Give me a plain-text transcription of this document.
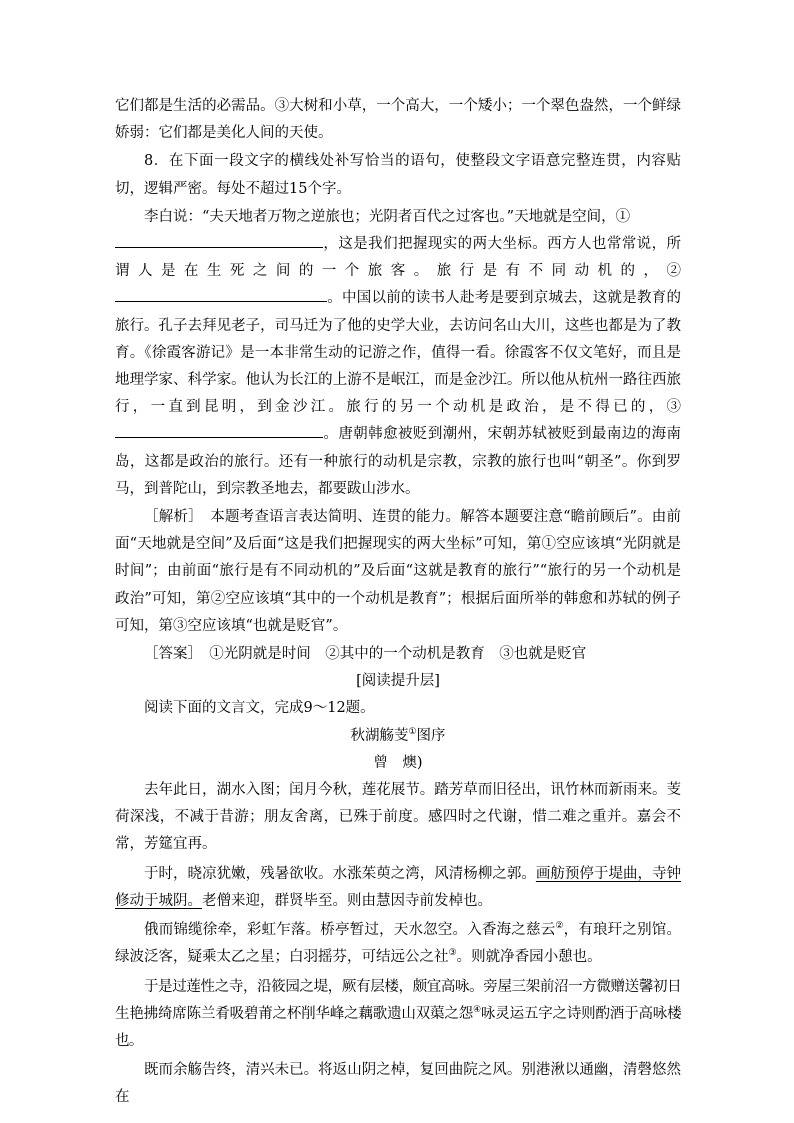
它们都是生活的必需品。③大树和小草，一个高大，一个矮小；一个翠色盎然，一个鲜绿娇弱：它们都是美化人间的天使。

8．在下面一段文字的横线处补写恰当的语句，使整段文字语意完整连贯，内容贴切，逻辑严密。每处不超过15个字。

李白说：“夫天地者万物之逆旅也；光阴者百代之过客也。”天地就是空间，①
，这是我们把握现实的两大坐标。西方人也常常说，所谓人是在生死之间的一个旅客。旅行是有不同动机的，②。中国以前的读书人赴考是要到京城去，这就是教育的旅行。孔子去拜见老子，司马迁为了他的史学大业，去访问名山大川，这些也都是为了教育。《徐霞客游记》是一本非常生动的记游之作，值得一看。徐霞客不仅文笔好，而且是地理学家、科学家。他认为长江的上游不是岷江，而是金沙江。所以他从杭州一路往西旅行，一直到昆明，到金沙江。旅行的另一个动机是政治，是不得已的，③。唐朝韩愈被贬到潮州，宋朝苏轼被贬到最南边的海南岛，这都是政治的旅行。还有一种旅行的动机是宗教，宗教的旅行也叫“朝圣”。你到罗马，到普陀山，到宗教圣地去，都要跋山涉水。

［解析］　本题考查语言表达简明、连贯的能力。解答本题要注意“瞻前顾后”。由前面“天地就是空间”及后面“这是我们把握现实的两大坐标”可知，第①空应该填“光阴就是时间”；由前面“旅行是有不同动机的”及后面“这就是教育的旅行”“旅行的另一个动机是政治”可知，第②空应该填“其中的一个动机是教育”；根据后面所举的韩愈和苏轼的例子可知，第③空应该填“也就是贬官”。

［答案］　①光阴就是时间　②其中的一个动机是教育　③也就是贬官

[阅读提升层]

阅读下面的文言文，完成9～12题。

秋湖觞芰①图序

曾　燠)

去年此日，湖水入图；闰月今秋，莲花展节。踏芳草而旧径出，讯竹林而新雨来。芰荷深浅，不减于昔游；朋友舍离，已殊于前度。感四时之代谢，惜二难之重并。嘉会不常，芳筵宜再。

于时，晓凉犹嫩，残暑欲收。水涨茱萸之湾，风清杨柳之郭。画舫预停于堤曲，寺钟修动于城阴。老僧来迎，群贤毕至。则由慧因寺前发棹也。

俄而锦缆徐牵，彩虹乍落。桥亭暂过，天水忽空。入香海之慈云②，有琅玕之别馆。绿波泛客，疑乘太乙之星；白羽摇芬，可结远公之社③。则就净香园小憩也。

于是过莲性之寺，沿筱园之堤，厥有层楼，颇宜高咏。旁屋三架前沼一方微赠送馨初日生艳拂绮席陈兰肴吸碧莆之杯削华峰之藕歌遗山双蕖之怨④咏灵运五字之诗则酌酒于高咏楼也。

既而余觞告终，清兴未已。将返山阴之棹，复回曲院之风。别港湫以通幽，清磬悠然在
